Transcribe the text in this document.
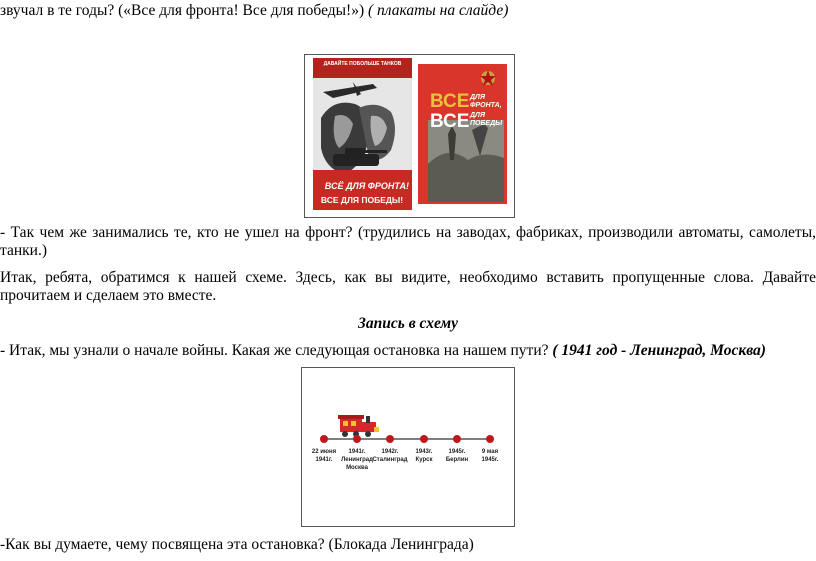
звучал в те годы? («Все для фронта! Все для победы!») ( плакаты на слайде)
ДАВАЙТЕ ПОБОЛЬШЕ ТАНКОВ
ВСЁ ДЛЯ ФРОНТА!
ВСЕ ДЛЯ ПОБЕДЫ!
ВСЕ
ВСЕ
ДЛЯ
ФРОНТА,
ДЛЯ
ПОБЕДЫ
- Так чем же занимались те, кто не ушел на фронт? (трудились на заводах, фабриках, производили автоматы, самолеты,
танки.)
Итак, ребята, обратимся к нашей схеме. Здесь, как вы видите, необходимо вставить пропущенные слова. Давайте
прочитаем и сделаем это вместе.
Запись в схему
- Итак, мы узнали о начале войны. Какая же следующая остановка на нашем пути? ( 1941 год - Ленинград, Москва)
22 июня
1941г.
1941г.
Ленинград
Москва
1942г.
Сталинград
1943г.
Курск
1945г.
Берлин
9 мая
1945г.
-Как вы думаете, чему посвящена эта остановка? (Блокада Ленинграда)
